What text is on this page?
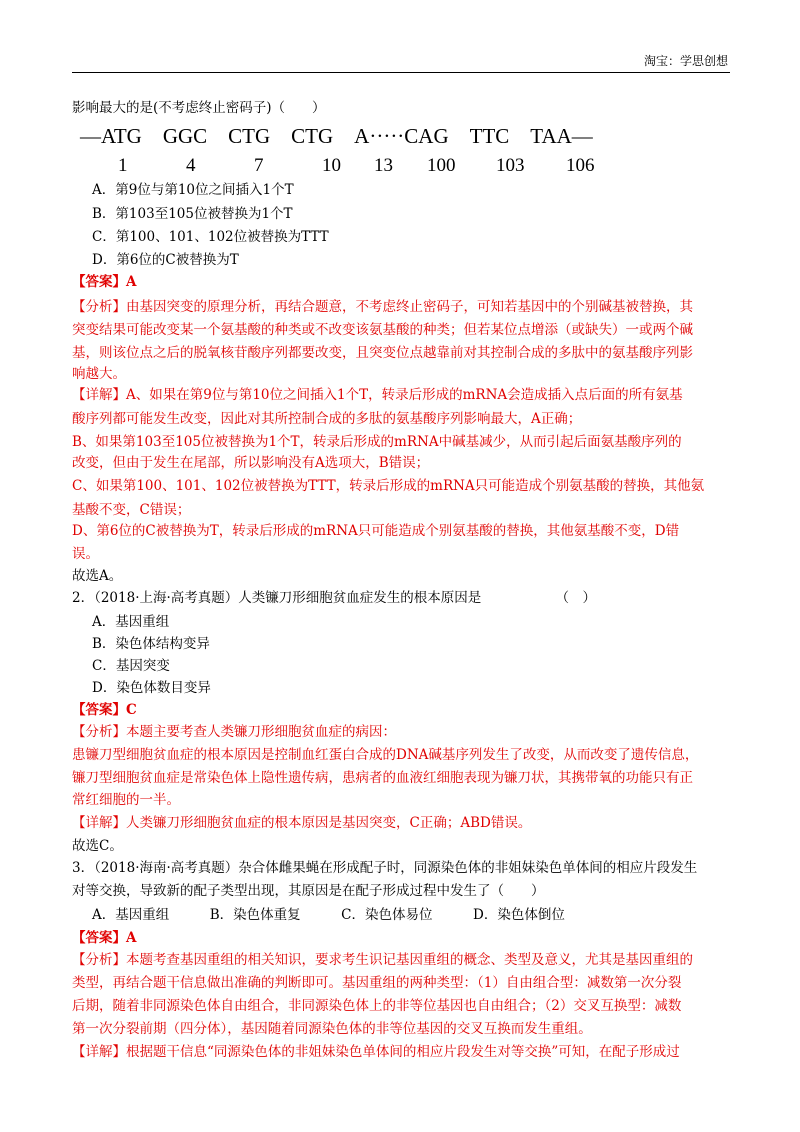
淘宝：学思创想
影响最大的是(不考虑终止密码子)（　　）
—ATG　GGC　CTG　CTG　A·····CAG　TTC　TAA—
1	4	7	10 13 100 103 106
A．第9位与第10位之间插入1个T
B．第103至105位被替换为1个T
C．第100、101、102位被替换为TTT
D．第6位的C被替换为T
【答案】A
【分析】由基因突变的原理分析，再结合题意，不考虑终止密码子，可知若基因中的个别碱基被替换，其
突变结果可能改变某一个氨基酸的种类或不改变该氨基酸的种类；但若某位点增添（或缺失）一或两个碱
基，则该位点之后的脱氧核苷酸序列都要改变，且突变位点越靠前对其控制合成的多肽中的氨基酸序列影
响越大。
【详解】A、如果在第9位与第10位之间插入1个T，转录后形成的mRNA会造成插入点后面的所有氨基
酸序列都可能发生改变，因此对其所控制合成的多肽的氨基酸序列影响最大，A正确；
B、如果第103至105位被替换为1个T，转录后形成的mRNA中碱基减少，从而引起后面氨基酸序列的
改变，但由于发生在尾部，所以影响没有A选项大，B错误；
C、如果第100、101、102位被替换为TTT，转录后形成的mRNA只可能造成个别氨基酸的替换，其他氨
基酸不变，C错误；
D、第6位的C被替换为T，转录后形成的mRNA只可能造成个别氨基酸的替换，其他氨基酸不变，D错
误。
故选A。
2．（2018·上海·高考真题）人类镰刀形细胞贫血症发生的根本原因是　　　　　　（　）
A．基因重组
B．染色体结构变异
C．基因突变
D．染色体数目变异
【答案】C
【分析】本题主要考查人类镰刀形细胞贫血症的病因：
患镰刀型细胞贫血症的根本原因是控制血红蛋白合成的DNA碱基序列发生了改变，从而改变了遗传信息，
镰刀型细胞贫血症是常染色体上隐性遗传病，患病者的血液红细胞表现为镰刀状，其携带氧的功能只有正
常红细胞的一半。
【详解】人类镰刀形细胞贫血症的根本原因是基因突变，C正确；ABD错误。
故选C。
3．（2018·海南·高考真题）杂合体雌果蝇在形成配子时，同源染色体的非姐妹染色单体间的相应片段发生
对等交换，导致新的配子类型出现，其原因是在配子形成过程中发生了（　　）
A．基因重组　　　B．染色体重复　　　C．染色体易位　　　D．染色体倒位
【答案】A
【分析】本题考查基因重组的相关知识，要求考生识记基因重组的概念、类型及意义，尤其是基因重组的
类型，再结合题干信息做出准确的判断即可。基因重组的两种类型：（1）自由组合型：减数第一次分裂
后期，随着非同源染色体自由组合，非同源染色体上的非等位基因也自由组合；（2）交叉互换型：减数
第一次分裂前期（四分体），基因随着同源染色体的非等位基因的交叉互换而发生重组。
【详解】根据题干信息“同源染色体的非姐妹染色单体间的相应片段发生对等交换”可知，在配子形成过
